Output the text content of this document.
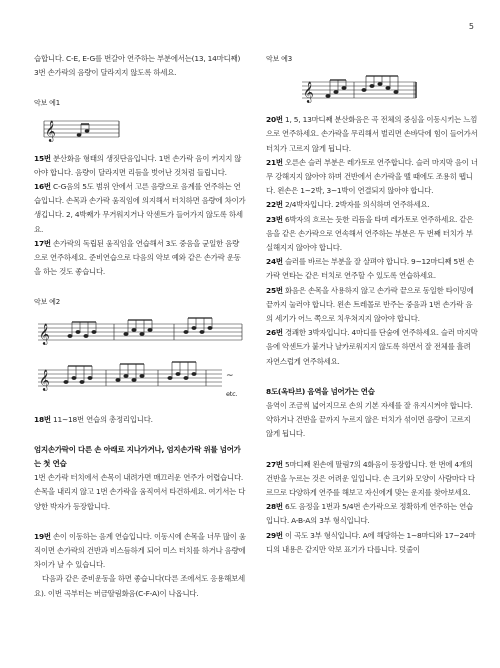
5

습합니다. C-E, E-G를 번갈아 연주하는 부분에서는(13, 14마디째) 3번 손가락의 음량이 달라지지 않도록 하세요.

악보 예1
𝄞

15번 분산화음 형태의 생짓단음입니다. 1번 손가락 음이 커지지 않아야 합니다. 음량이 달라지면 리듬을 벗어난 것처럼 들립니다.

16번 C-G음의 5도 범위 안에서 고른 음량으로 음계를 연주하는 연습입니다. 손목과 손가락 움직임에 의지해서 터치하면 음량에 차이가 생깁니다. 2, 4박째가 무거워지거나 악센트가 들어가지 않도록 하세요.

17번 손가락의 독립된 움직임을 연습해서 3도 중음을 균일한 음량으로 연주하세요. 준비연습으로 다음의 악보 예와 같은 손가락 운동을 하는 것도 좋습니다.

악보 예2
𝄞
𝄞	~
etc.

18번 11~18번 연습의 총정리입니다.

엄지손가락이 다른 손 아래로 지나가거나, 엄지손가락 위를 넘어가는 첫 연습

1번 손가락 터치에서 손목이 내려가면 매끄러운 연주가 어렵습니다. 손목을 내리지 않고 1번 손가락을 움직여서 타건하세요. 여기서는 다양한 박자가 등장합니다.

19번 손이 이동하는 음계 연습입니다. 이동시에 손목을 너무 많이 움직이면 손가락의 건반과 비스듬하게 되어 미스 터치를 하거나 음량에 차이가 날 수 있습니다.

다음과 같은 준비운동을 하면 좋습니다(다른 조에서도 응용해보세요). 이번 곡부터는 버금딸림화음(C-F-A)이 나옵니다.

악보 예3
𝄞

20번 1, 5, 13마디째 분산화음은 곡 전체의 중심을 이동시키는 느낌으로 연주하세요. 손가락을 무리해서 벌리면 손바닥에 힘이 들어가서 터치가 고르지 않게 됩니다.

21번 오른손 슬러 부분은 레가토로 연주합니다. 슬러 마지막 음이 너무 강해지지 않아야 하며 건반에서 손가락을 뗄 때에도 조용히 뗍니다. 왼손은 1~2박, 3~1박이 연결되지 않아야 합니다.

22번 2/4박자입니다. 2박자를 의식하며 연주하세요.

23번 6박자의 흐르는 듯한 리듬을 타며 레가토로 연주하세요. 같은 음을 같은 손가락으로 연속해서 연주하는 부분은 두 번째 터치가 부실해지지 않아야 합니다.

24번 슬러를 바르는 부분을 잘 살펴야 합니다. 9~12마디째 5번 손가락 연타는 같은 터치로 연주할 수 있도록 연습하세요.

25번 화음은 손목을 사용하지 않고 손가락 끝으로 동일한 타이밍에 끝까지 눌러야 합니다. 왼손 트레몰로 반주는 중음과 1번 손가락 음의 세기가 어느 쪽으로 치우쳐지지 않아야 합니다.

26번 경쾌한 3박자입니다. 4마디를 단숨에 연주하세요. 슬러 마지막 음에 악센트가 붙거나 날카로워지지 않도록 하면서 잘 전체를 흘려 자연스럽게 연주하세요.

8도(옥타브) 음역을 넘어가는 연습

음역이 조금씩 넓어지므로 손의 기본 자세를 잘 유지시켜야 합니다. 약하거나 건반을 끝까지 누르지 않은 터치가 섞이면 음량이 고르지 않게 됩니다.

27번 5마디째 왼손에 딸림7의 4화음이 등장합니다. 한 번에 4개의 건반을 누르는 것은 어려운 일입니다. 손 크기와 모양이 사람마다 다르므로 다양하게 연주를 해보고 자신에게 맞는 운지를 찾아보세요.

28번 6도 음정을 1번과 5/4번 손가락으로 정확하게 연주하는 연습입니다. A-B-A의 3부 형식입니다.

29번 이 곡도 3부 형식입니다. A에 해당하는 1~8마디와 17~24마디의 내용은 같지만 악보 표기가 다릅니다. 덧줄이
